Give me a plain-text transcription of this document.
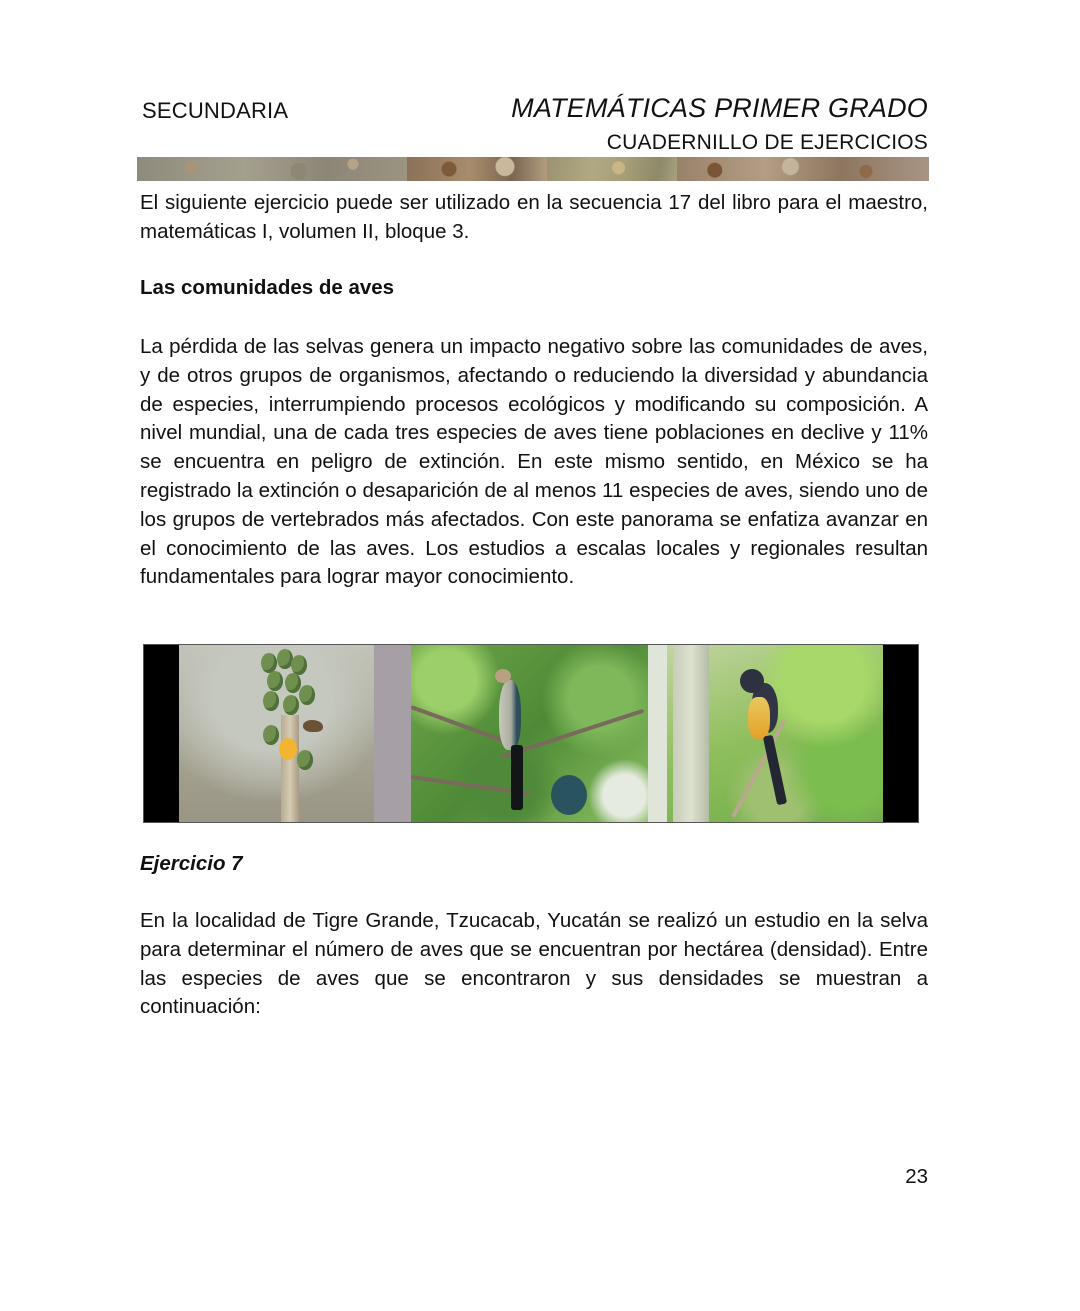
SECUNDARIA	MATEMÁTICAS PRIMER GRADO
CUADERNILLO DE EJERCICIOS

El siguiente ejercicio puede ser utilizado en la secuencia 17 del libro para el maestro, matemáticas I, volumen II, bloque 3.

Las comunidades de aves

La pérdida de las selvas genera un impacto negativo sobre las comunidades de aves, y de otros grupos de organismos, afectando o reduciendo la diversidad y abundancia de especies, interrumpiendo procesos ecológicos y modificando su composición. A nivel mundial, una de cada tres especies de aves tiene poblaciones en declive y 11% se encuentra en peligro de extinción. En este mismo sentido, en México se ha registrado la extinción o desaparición de al menos 11 especies de aves, siendo uno de los grupos de vertebrados más afectados. Con este panorama se enfatiza avanzar en el conocimiento de las aves. Los estudios a escalas locales y regionales resultan fundamentales para lograr mayor conocimiento.

Ejercicio 7

En la localidad de Tigre Grande, Tzucacab, Yucatán se realizó un estudio en la selva para determinar el número de aves que se encuentran por hectárea (densidad). Entre las especies de aves que se encontraron y sus densidades se muestran a continuación:

23
